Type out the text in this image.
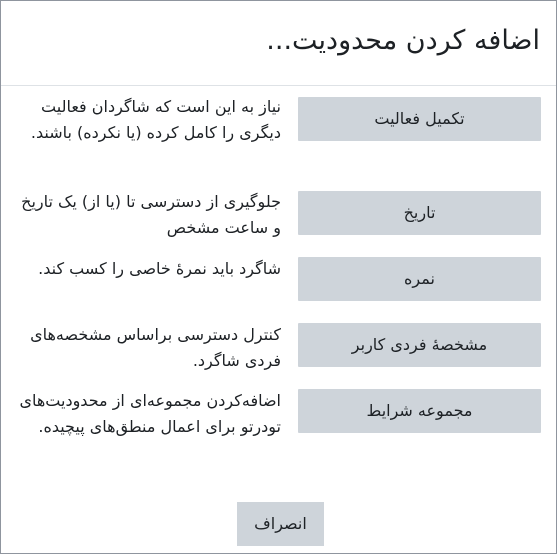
اضافه کردن محدودیت...
تکمیل فعالیت

نیاز به این است که شاگردان فعالیت دیگری را کامل کرده (یا نکرده) باشند.

تاریخ

جلوگیری از دسترسی تا (یا از) یک تاریخ و ساعت مشخص

نمره

شاگرد باید نمرهٔ خاصی را کسب کند.

مشخصهٔ فردی کاربر

کنترل دسترسی براساس مشخصه‌های فردی شاگرد.

مجموعه شرایط

اضافه‌کردن مجموعه‌ای از محدودیت‌های تودرتو برای اعمال منطق‌های پیچیده.

انصراف
